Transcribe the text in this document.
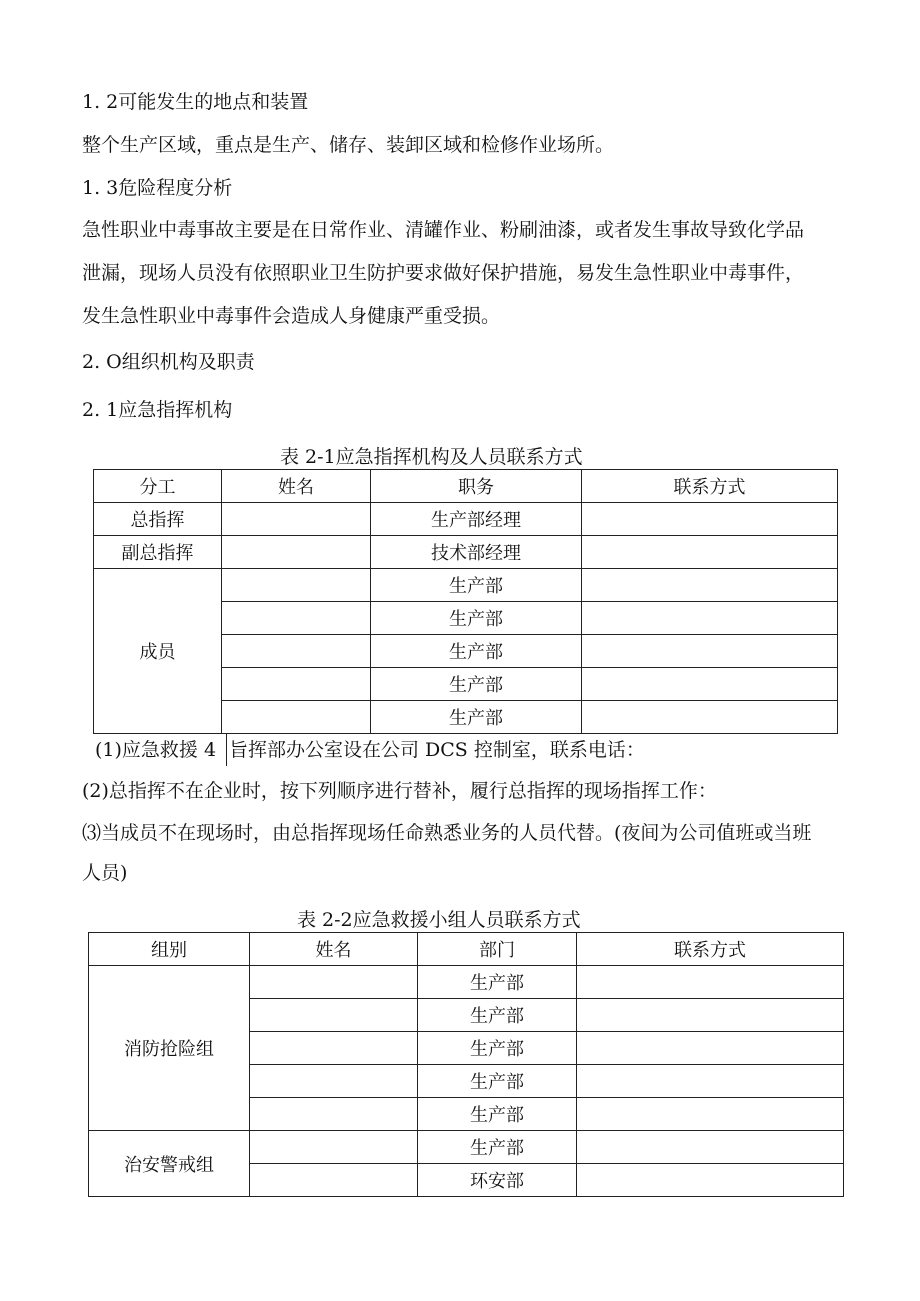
1. 2可能发生的地点和装置
整个生产区域，重点是生产、储存、装卸区域和检修作业场所。
1. 3危险程度分析
急性职业中毒事故主要是在日常作业、清罐作业、粉刷油漆，或者发生事故导致化学品
泄漏，现场人员没有依照职业卫生防护要求做好保护措施，易发生急性职业中毒事件，
发生急性职业中毒事件会造成人身健康严重受损。
2. O组织机构及职责
2. 1应急指挥机构
表 2-1应急指挥机构及人员联系方式
分工	姓名	职务	联系方式
总指挥		生产部经理	
副总指挥		技术部经理	
成员		生产部	
		生产部	
		生产部	
		生产部	
		生产部	
(1)应急救援 4 旨挥部办公室设在公司 DCS 控制室，联系电话：
(2)总指挥不在企业时，按下列顺序进行替补，履行总指挥的现场指挥工作：
⑶当成员不在现场时，由总指挥现场任命熟悉业务的人员代替。(夜间为公司值班或当班
人员)
表 2-2应急救援小组人员联系方式
组别	姓名	部门	联系方式
消防抢险组		生产部	
		生产部	
		生产部	
		生产部	
		生产部	
治安警戒组		生产部	
		环安部	
